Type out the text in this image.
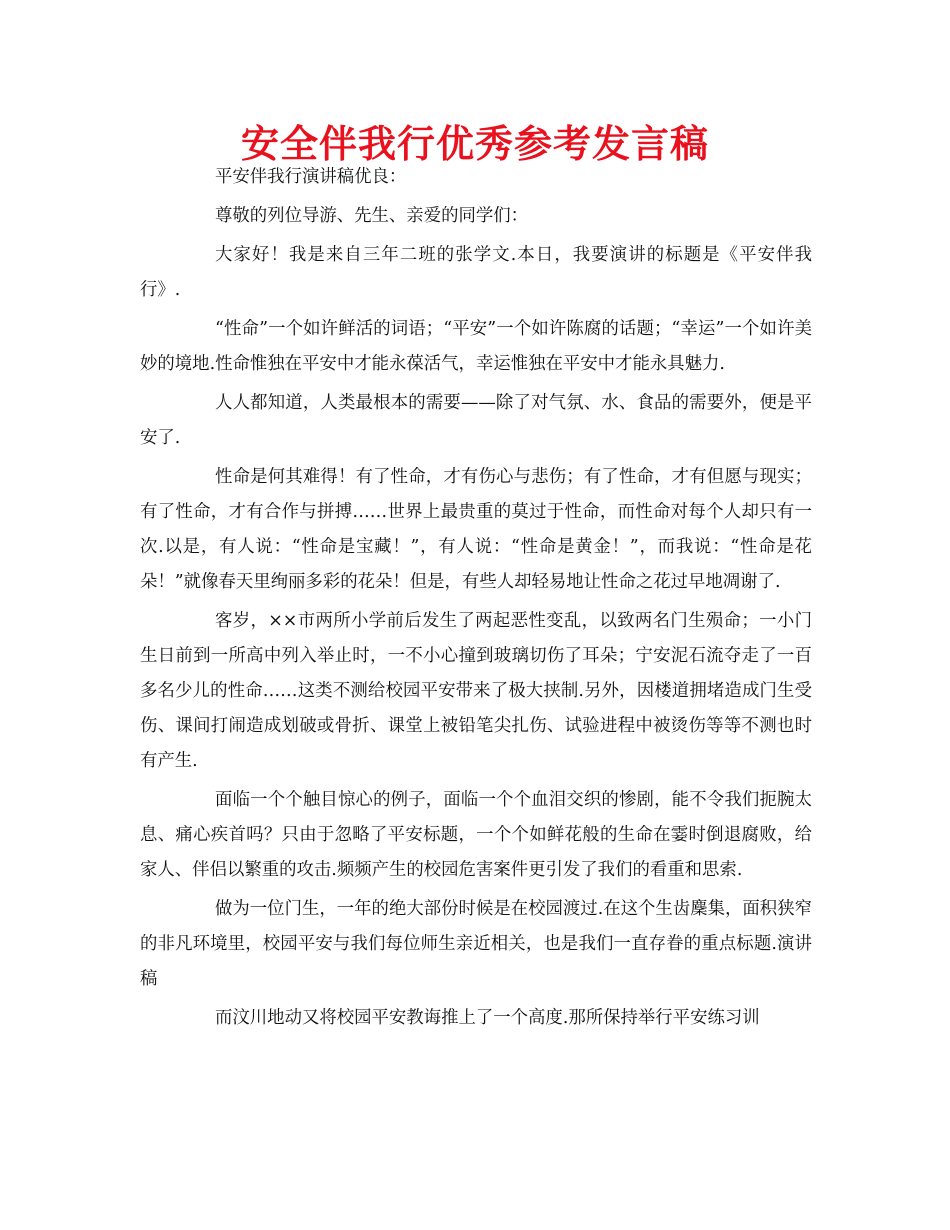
安全伴我行优秀参考发言稿

平安伴我行演讲稿优良：

尊敬的列位导游、先生、亲爱的同学们：

大家好！我是来自三年二班的张学文.本日，我要演讲的标题是《平安伴我行》.

“性命”一个如许鲜活的词语；“平安”一个如许陈腐的话题；“幸运”一个如许美妙的境地.性命惟独在平安中才能永葆活气，幸运惟独在平安中才能永具魅力.

人人都知道，人类最根本的需要——除了对气氛、水、食品的需要外，便是平安了.

性命是何其难得！有了性命，才有伤心与悲伤；有了性命，才有但愿与现实；有了性命，才有合作与拼搏……世界上最贵重的莫过于性命，而性命对每个人却只有一次.以是，有人说：“性命是宝藏！”，有人说：“性命是黄金！”，而我说：“性命是花朵！”就像春天里绚丽多彩的花朵！但是，有些人却轻易地让性命之花过早地凋谢了.

客岁，××市两所小学前后发生了两起恶性变乱，以致两名门生殒命；一小门生日前到一所高中列入举止时，一不小心撞到玻璃切伤了耳朵；宁安泥石流夺走了一百多名少儿的性命……这类不测给校园平安带来了极大挟制.另外，因楼道拥堵造成门生受伤、课间打闹造成划破或骨折、课堂上被铅笔尖扎伤、试验进程中被烫伤等等不测也时有产生.

面临一个个触目惊心的例子，面临一个个血泪交织的惨剧，能不令我们扼腕太息、痛心疾首吗？只由于忽略了平安标题，一个个如鲜花般的生命在霎时倒退腐败，给家人、伴侣以繁重的攻击.频频产生的校园危害案件更引发了我们的看重和思索.

做为一位门生，一年的绝大部份时候是在校园渡过.在这个生齿麇集，面积狭窄的非凡环境里，校园平安与我们每位师生亲近相关，也是我们一直存眷的重点标题.演讲稿

而汶川地动又将校园平安教诲推上了一个高度.那所保持举行平安练习训
